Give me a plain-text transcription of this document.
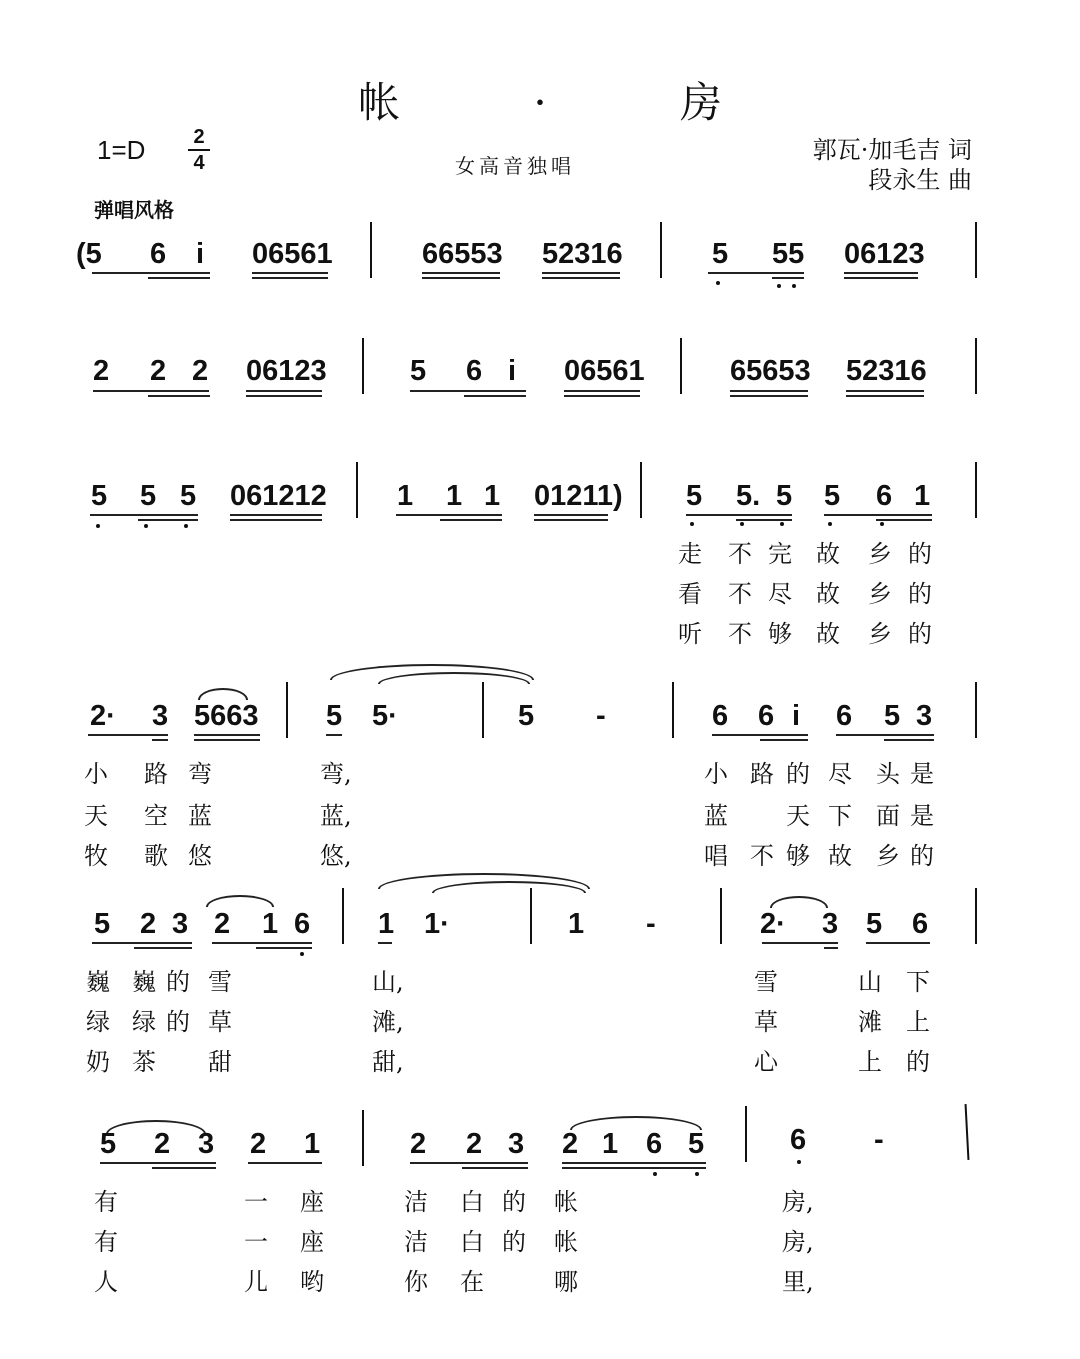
帐 · 房
1=D 2
4	女高音独唱
郭瓦·加毛吉 词
段永生 曲
弹唱风格
(5 6 i 06561	66553 52316	5 55 06123
2 2 2 06123	5 6 i 06561	65653 52316
5 5 5 061212 1 1 1 01211) 5 5. 5 5 6 1
走 不 完 故 乡 的
看 不 尽 故 乡 的
听 不 够 故 乡 的
2· 3 5663 5 5·	5 -	6 6 i 6 5 3
小 路 弯	弯,	小 路 的 尽 头 是
天 空 蓝	蓝,	蓝 天 下 面 是
牧 歌 悠	悠,	唱 不 够 故 乡 的
5 2 3 2 1 6 1 1·	1 -	2· 3 5 6
巍 巍 的 雪	山,	雪	山 下
绿 绿 的 草	滩,	草	滩 上
奶 茶 甜	甜,	心	上 的
5 2 3 2 1	2 2 3 2 1 6 5	6 -
有	一 座	洁 白 的 帐	房,
有	一 座	洁 白 的 帐	房,
人	儿 哟	你 在	哪	里,
